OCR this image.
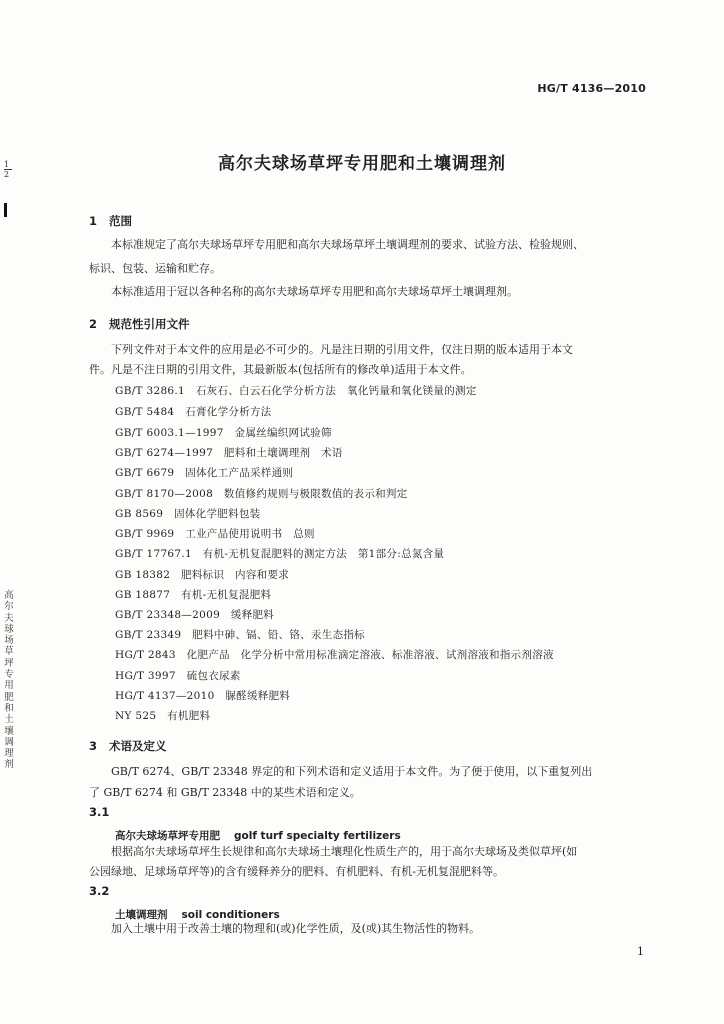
HG/T 4136—2010
1
2
高尔夫球场草坪专用肥和土壤调理剂
1 范围
本标准规定了高尔夫球场草坪专用肥和高尔夫球场草坪土壤调理剂的要求、试验方法、检验规则、
标识、包装、运输和贮存。
本标准适用于冠以各种名称的高尔夫球场草坪专用肥和高尔夫球场草坪土壤调理剂。
2 规范性引用文件
下列文件对于本文件的应用是必不可少的。凡是注日期的引用文件，仅注日期的版本适用于本文
件。凡是不注日期的引用文件，其最新版本(包括所有的修改单)适用于本文件。
GB/T 3286.1　石灰石、白云石化学分析方法　氧化钙量和氧化镁量的测定
GB/T 5484　石膏化学分析方法
GB/T 6003.1—1997　金属丝编织网试验筛
GB/T 6274—1997　肥料和土壤调理剂　术语
GB/T 6679　固体化工产品采样通则
GB/T 8170—2008　数值修约规则与极限数值的表示和判定
GB 8569　固体化学肥料包装
GB/T 9969　工业产品使用说明书　总则
GB/T 17767.1　有机-无机复混肥料的测定方法　第1部分:总氮含量
GB 18382　肥料标识　内容和要求
GB 18877　有机-无机复混肥料
GB/T 23348—2009　缓释肥料
GB/T 23349　肥料中砷、镉、铅、铬、汞生态指标
HG/T 2843　化肥产品　化学分析中常用标准滴定溶液、标准溶液、试剂溶液和指示剂溶液
HG/T 3997　硫包衣尿素
HG/T 4137—2010　脲醛缓释肥料
NY 525　有机肥料
3 术语及定义
GB/T 6274、GB/T 23348 界定的和下列术语和定义适用于本文件。为了便于使用，以下重复列出
了 GB/T 6274 和 GB/T 23348 中的某些术语和定义。
3.1
高尔夫球场草坪专用肥 golf turf specialty fertilizers
根据高尔夫球场草坪生长规律和高尔夫球场土壤理化性质生产的，用于高尔夫球场及类似草坪(如
公园绿地、足球场草坪等)的含有缓释养分的肥料、有机肥料、有机-无机复混肥料等。
3.2
土壤调理剂 soil conditioners
加入土壤中用于改善土壤的物理和(或)化学性质，及(或)其生物活性的物料。
高尔夫球场草坪专用肥和土壤调理剂
1
